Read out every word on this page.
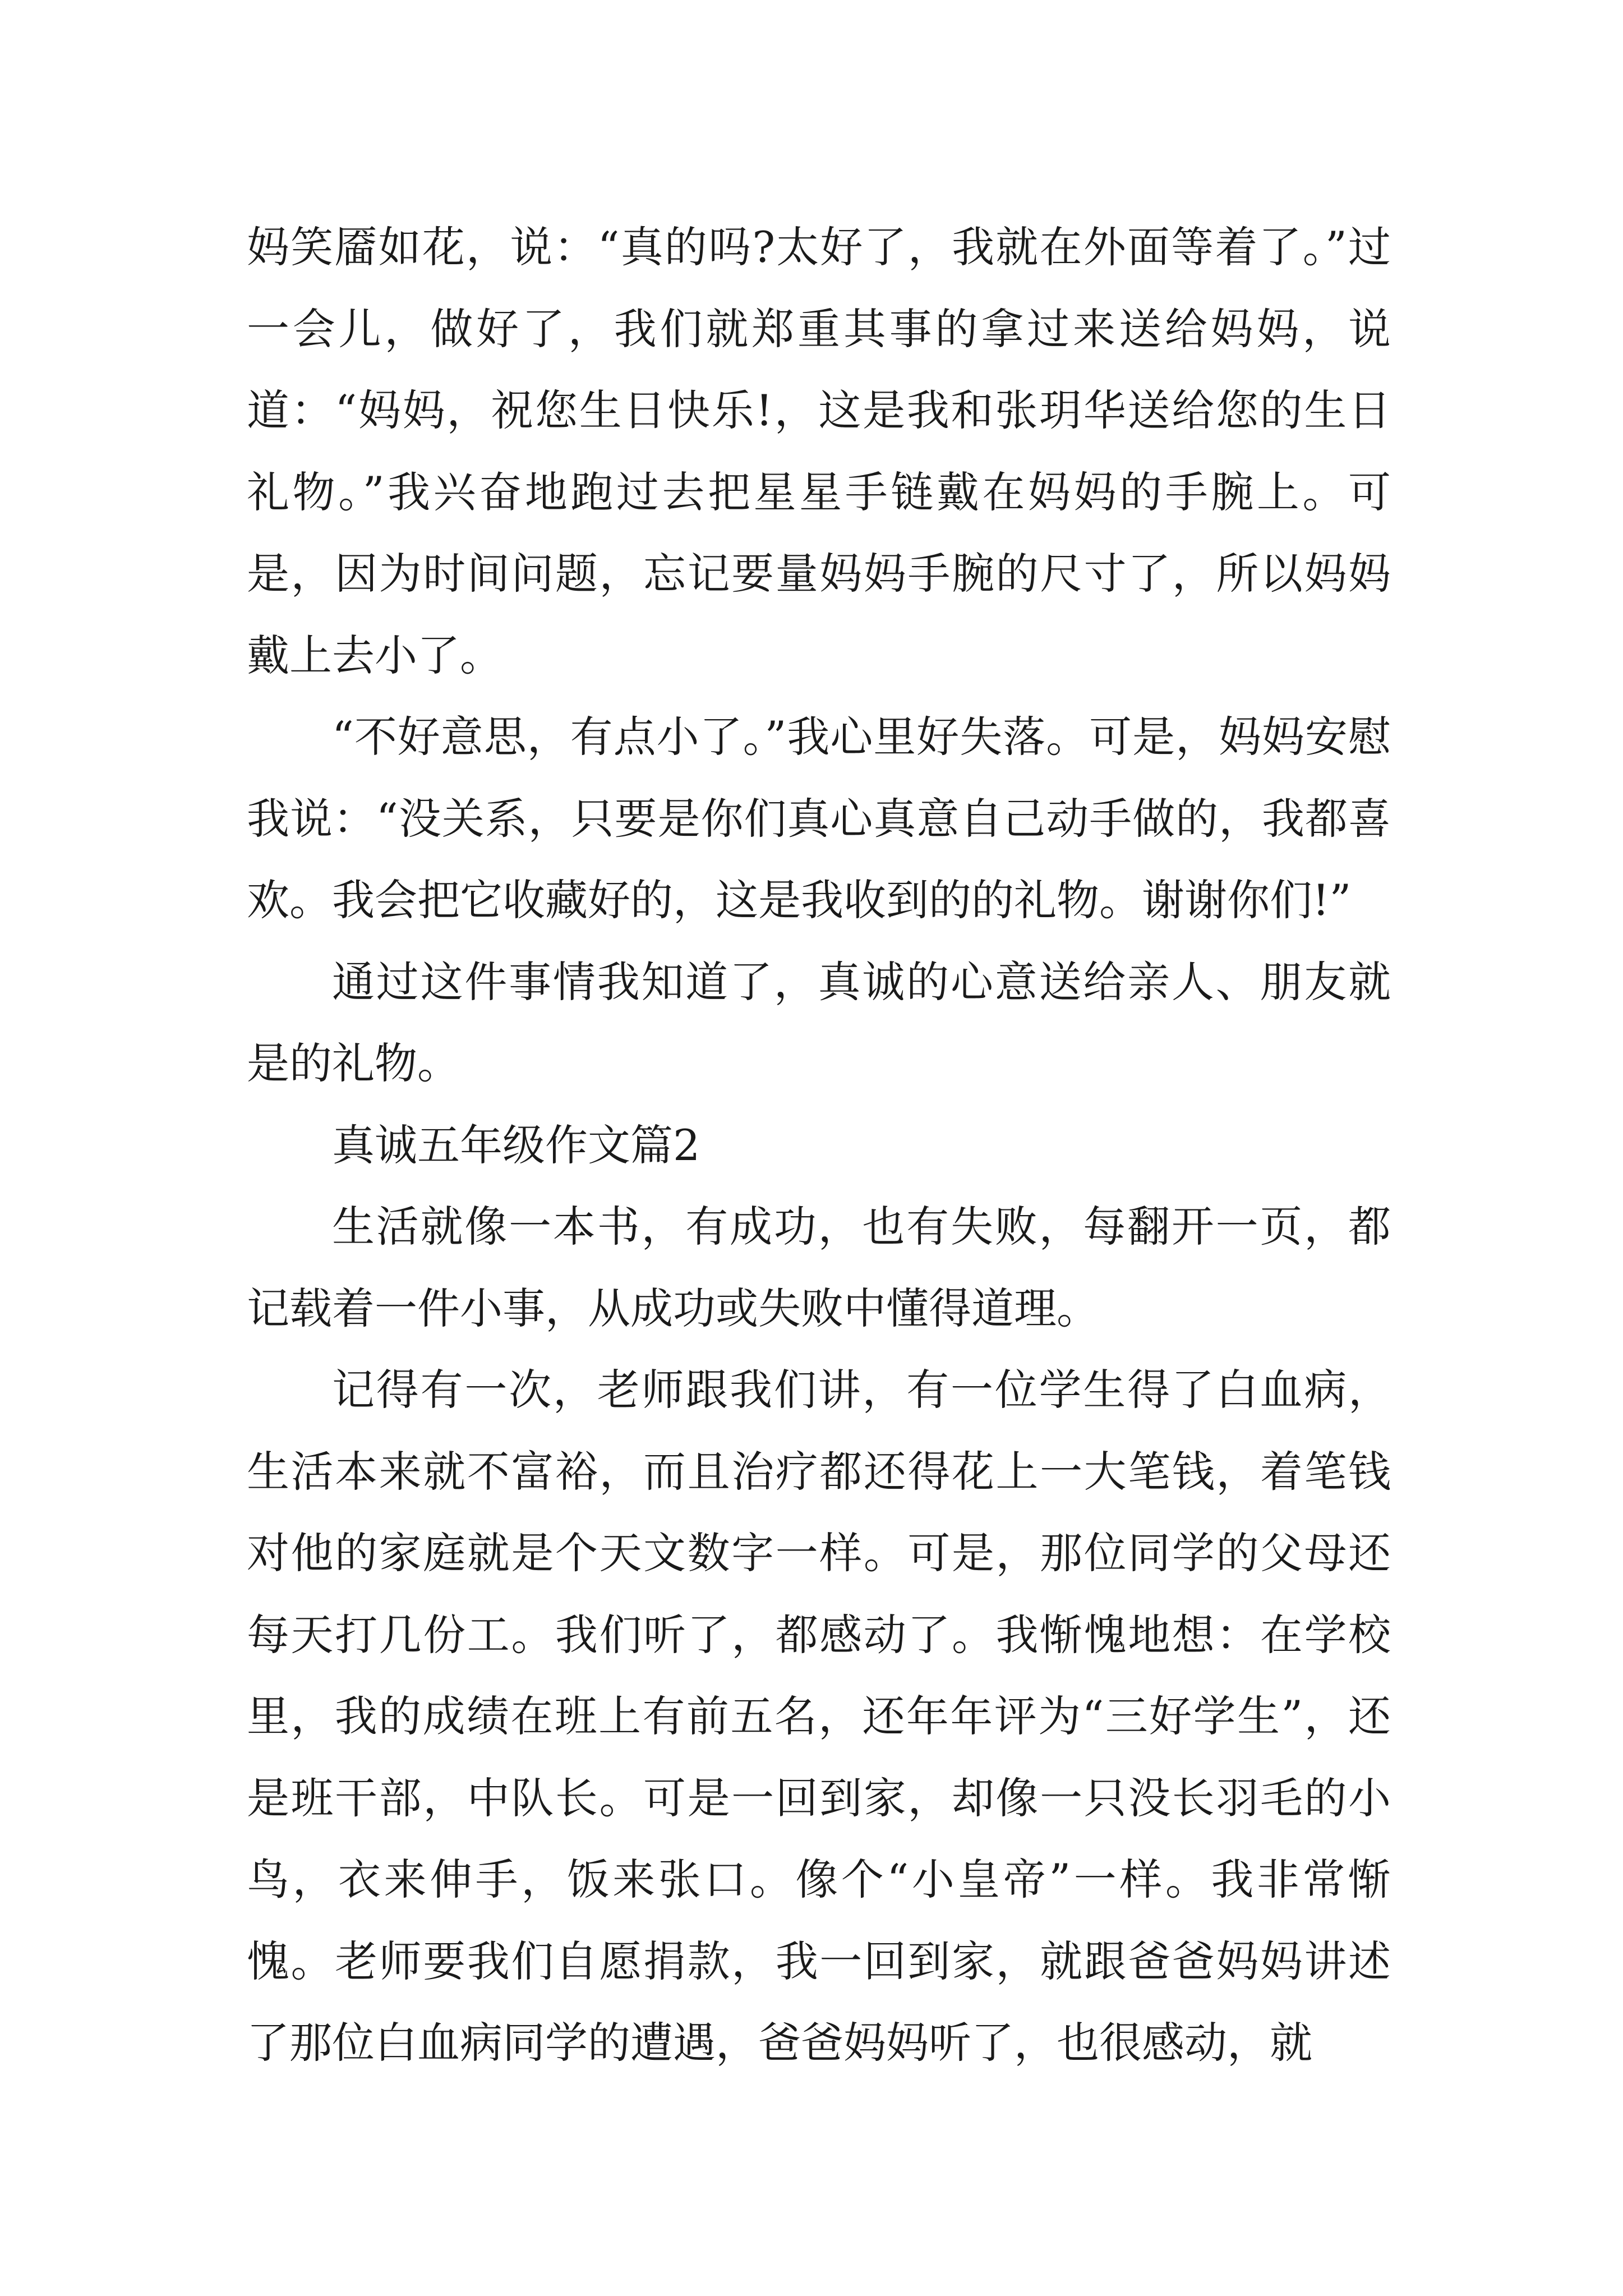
妈笑靥如花，说：“真的吗?太好了，我就在外面等着了。”过一会儿，做好了，我们就郑重其事的拿过来送给妈妈，说道：“妈妈，祝您生日快乐!，这是我和张玥华送给您的生日礼物。”我兴奋地跑过去把星星手链戴在妈妈的手腕上。可是，因为时间问题，忘记要量妈妈手腕的尺寸了，所以妈妈戴上去小了。

“不好意思，有点小了。”我心里好失落。可是，妈妈安慰我说：“没关系，只要是你们真心真意自己动手做的，我都喜欢。我会把它收藏好的，这是我收到的的礼物。谢谢你们!”

通过这件事情我知道了，真诚的心意送给亲人、朋友就是的礼物。

真诚五年级作文篇2

生活就像一本书，有成功，也有失败，每翻开一页，都记载着一件小事，从成功或失败中懂得道理。

记得有一次，老师跟我们讲，有一位学生得了白血病，生活本来就不富裕，而且治疗都还得花上一大笔钱，着笔钱对他的家庭就是个天文数字一样。可是，那位同学的父母还每天打几份工。我们听了，都感动了。我惭愧地想：在学校里，我的成绩在班上有前五名，还年年评为“三好学生”，还是班干部，中队长。可是一回到家，却像一只没长羽毛的小鸟，衣来伸手，饭来张口。像个“小皇帝”一样。我非常惭愧。老师要我们自愿捐款，我一回到家，就跟爸爸妈妈讲述了那位白血病同学的遭遇，爸爸妈妈听了，也很感动，就
